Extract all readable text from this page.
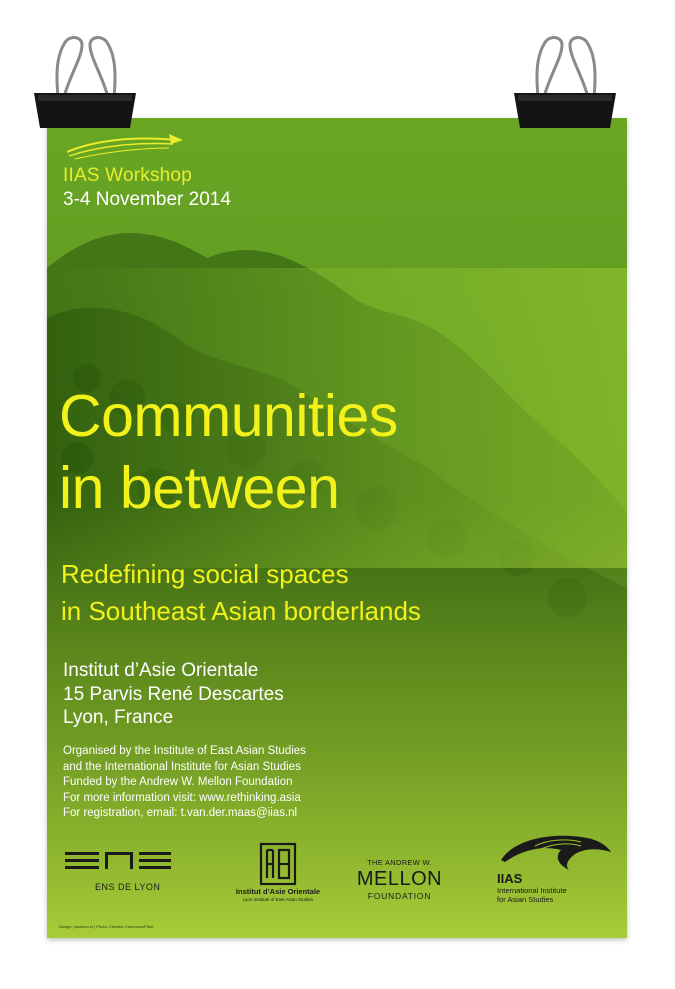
IIAS Workshop
3-4 November 2014
Communities
in between
Redefining social spaces
in Southeast Asian borderlands
Institut d’Asie Orientale
15 Parvis René Descartes
Lyon, France
Organised by the Institute of East Asian Studies
and the International Institute for Asian Studies
Funded by the Andrew W. Mellon Foundation
For more information visit: www.rethinking.asia
For registration, email: t.van.der.maas@iias.nl
ENS DE LYON	Institut d’Asie Orientale
Lyon Institute of East Asian Studies
THE ANDREW W.
MELLON
FOUNDATION
IIAS
International Institute
for Asian Studies
Design: paulsom.nl | Photo: Creative Commons/Flickr
